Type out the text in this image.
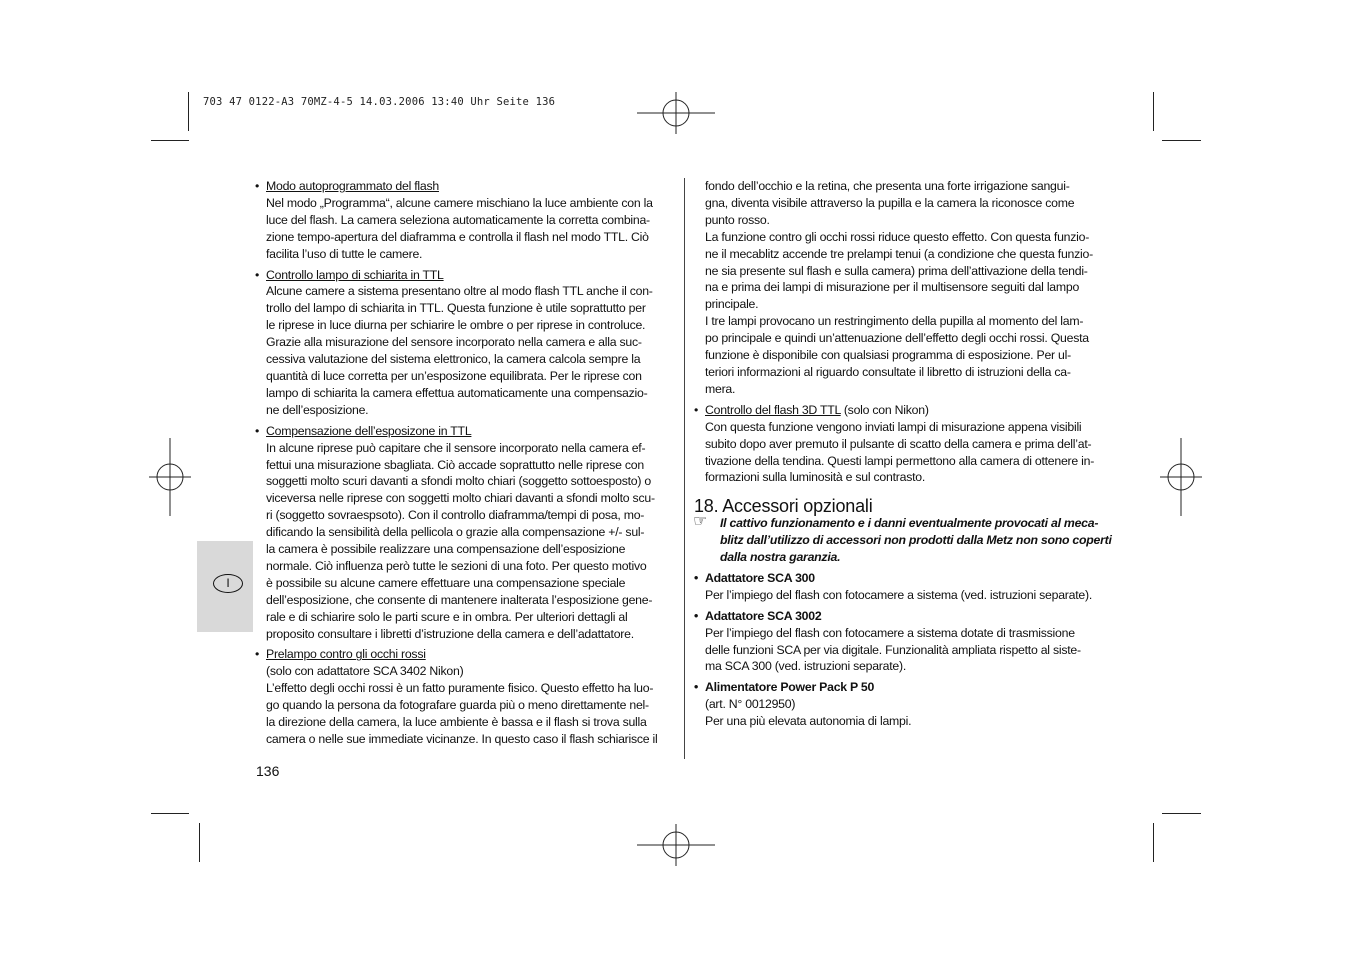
703 47 0122-A3 70MZ-4-5 14.03.2006 13:40 Uhr Seite 136
I
• Modo autoprogrammato del flash

Nel modo „Programma“, alcune camere mischiano la luce ambiente con la

luce del flash. La camera seleziona automaticamente la corretta combina-

zione tempo-apertura del diaframma e controlla il flash nel modo TTL. Ciò

facilita l’uso di tutte le camere.

• Controllo lampo di schiarita in TTL

Alcune camere a sistema presentano oltre al modo flash TTL anche il con-

trollo del lampo di schiarita in TTL. Questa funzione è utile soprattutto per

le riprese in luce diurna per schiarire le ombre o per riprese in controluce.

Grazie alla misurazione del sensore incorporato nella camera e alla suc-

cessiva valutazione del sistema elettronico, la camera calcola sempre la

quantità di luce corretta per un’esposizone equilibrata. Per le riprese con

lampo di schiarita la camera effettua automaticamente una compensazio-

ne dell’esposizione.

• Compensazione dell’esposizone in TTL

In alcune riprese può capitare che il sensore incorporato nella camera ef-

fettui una misurazione sbagliata. Ciò accade soprattutto nelle riprese con

soggetti molto scuri davanti a sfondi molto chiari (soggetto sottoesposto) o

viceversa nelle riprese con soggetti molto chiari davanti a sfondi molto scu-

ri (soggetto sovraespsoto). Con il controllo diaframma/tempi di posa, mo-

dificando la sensibilità della pellicola o grazie alla compensazione +/- sul-

la camera è possibile realizzare una compensazione dell’esposizione

normale. Ciò influenza però tutte le sezioni di una foto. Per questo motivo

è possibile su alcune camere effettuare una compensazione speciale

dell’esposizione, che consente di mantenere inalterata l’esposizione gene-

rale e di schiarire solo le parti scure e in ombra. Per ulteriori dettagli al

proposito consultare i libretti d’istruzione della camera e dell’adattatore.

• Prelampo contro gli occhi rossi

(solo con adattatore SCA 3402 Nikon)

L’effetto degli occhi rossi è un fatto puramente fisico. Questo effetto ha luo-

go quando la persona da fotografare guarda più o meno direttamente nel-

la direzione della camera, la luce ambiente è bassa e il flash si trova sulla

camera o nelle sue immediate vicinanze. In questo caso il flash schiarisce il

136

fondo dell’occhio e la retina, che presenta una forte irrigazione sangui-

gna, diventa visibile attraverso la pupilla e la camera la riconosce come

punto rosso.

La funzione contro gli occhi rossi riduce questo effetto. Con questa funzio-

ne il mecablitz accende tre prelampi tenui (a condizione che questa funzio-

ne sia presente sul flash e sulla camera) prima dell’attivazione della tendi-

na e prima dei lampi di misurazione per il multisensore seguiti dal lampo

principale.

I tre lampi provocano un restringimento della pupilla al momento del lam-

po principale e quindi un’attenuazione dell’effetto degli occhi rossi. Questa

funzione è disponibile con qualsiasi programma di esposizione. Per ul-

teriori informazioni al riguardo consultate il libretto di istruzioni della ca-

mera.

• Controllo del flash 3D TTL (solo con Nikon)

Con questa funzione vengono inviati lampi di misurazione appena visibili

subito dopo aver premuto il pulsante di scatto della camera e prima dell’at-

tivazione della tendina. Questi lampi permettono alla camera di ottenere in-

formazioni sulla luminosità e sul contrasto.

18. Accessori opzionali

☞ Il cattivo funzionamento e i danni eventualmente provocati al meca-

blitz dall’utilizzo di accessori non prodotti dalla Metz non sono coperti

dalla nostra garanzia.

• Adattatore SCA 300

Per l’impiego del flash con fotocamere a sistema (ved. istruzioni separate).

• Adattatore SCA 3002

Per l’impiego del flash con fotocamere a sistema dotate di trasmissione

delle funzioni SCA per via digitale. Funzionalità ampliata rispetto al siste-

ma SCA 300 (ved. istruzioni separate).

• Alimentatore Power Pack P 50

(art. N° 0012950)

Per una più elevata autonomia di lampi.
